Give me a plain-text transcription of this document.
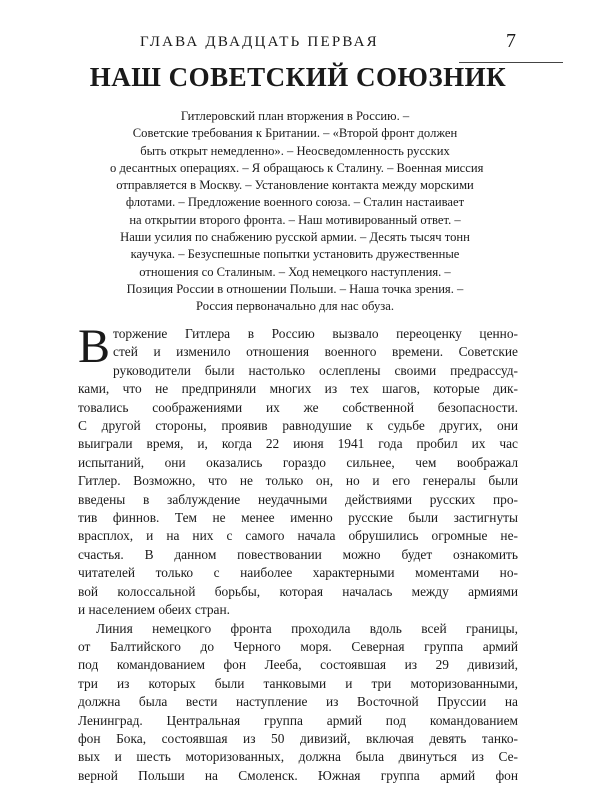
ГЛАВА ДВАДЦАТЬ ПЕРВАЯ	7
НАШ СОВЕТСКИЙ СОЮЗНИК
Гитлеровский план вторжения в Россию. –
Советские требования к Британии. – «Второй фронт должен
быть открыт немедленно». – Неосведомленность русских
о десантных операциях. – Я обращаюсь к Сталину. – Военная миссия
отправляется в Москву. – Установление контакта между морскими
флотами. – Предложение военного союза. – Сталин настаивает
на открытии второго фронта. – Наш мотивированный ответ. –
Наши усилия по снабжению русской армии. – Десять тысяч тонн
каучука. – Безуспешные попытки установить дружественные
отношения со Сталиным. – Ход немецкого наступления. –
Позиция России в отношении Польши. – Наша точка зрения. –
Россия первоначально для нас обуза.
В торжение Гитлера в Россию вызвало переоценку ценно-
стей и изменило отношения военного времени. Советские
руководители были настолько ослеплены своими предрассуд-
ками, что не предприняли многих из тех шагов, которые дик-
товались соображениями их же собственной безопасности.
С другой стороны, проявив равнодушие к судьбе других, они
выиграли время, и, когда 22 июня 1941 года пробил их час
испытаний, они оказались гораздо сильнее, чем воображал
Гитлер. Возможно, что не только он, но и его генералы были
введены в заблуждение неудачными действиями русских про-
тив финнов. Тем не менее именно русские были застигнуты
врасплох, и на них с самого начала обрушились огромные не-
счастья. В данном повествовании можно будет ознакомить
читателей только с наиболее характерными моментами но-
вой колоссальной борьбы, которая началась между армиями
и населением обеих стран.
Линия немецкого фронта проходила вдоль всей границы,
от Балтийского до Черного моря. Северная группа армий
под командованием фон Лееба, состоявшая из 29 дивизий,
три из которых были танковыми и три моторизованными,
должна была вести наступление из Восточной Пруссии на
Ленинград. Центральная группа армий под командованием
фон Бока, состоявшая из 50 дивизий, включая девять танко-
вых и шесть моторизованных, должна была двинуться из Се-
верной Польши на Смоленск. Южная группа армий фон
